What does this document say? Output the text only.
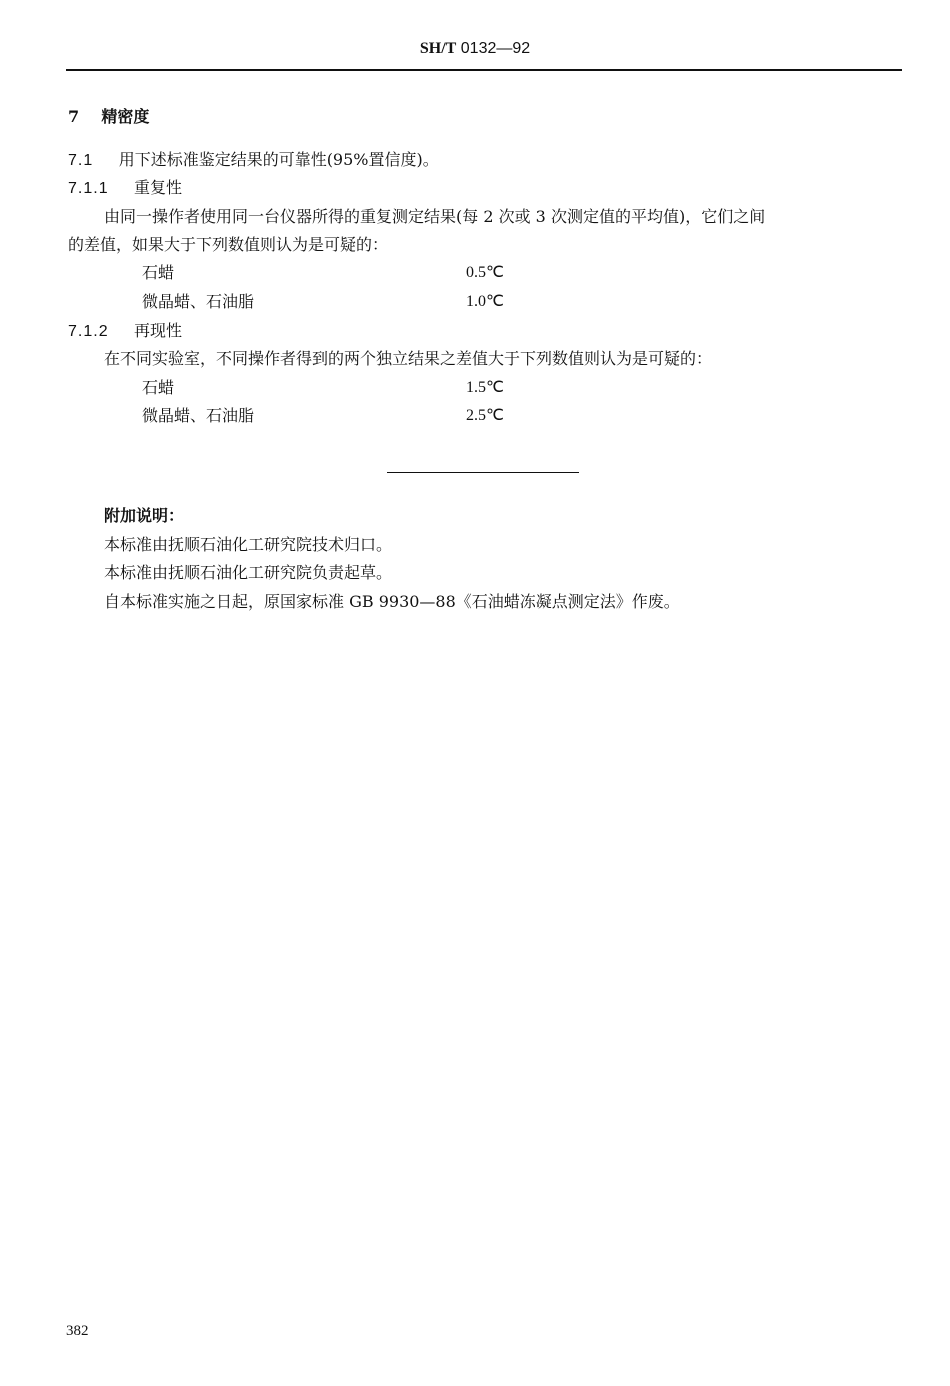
SH/T 0132—92
7 精密度
7.1 用下述标准鉴定结果的可靠性(95%置信度)。
7.1.1 重复性
由同一操作者使用同一台仪器所得的重复测定结果(每 2 次或 3 次测定值的平均值)，它们之间
的差值，如果大于下列数值则认为是可疑的：
石蜡	0.5℃
微晶蜡、石油脂	1.0℃
7.1.2 再现性
在不同实验室，不同操作者得到的两个独立结果之差值大于下列数值则认为是可疑的：
石蜡	1.5℃
微晶蜡、石油脂	2.5℃
附加说明：
本标准由抚顺石油化工研究院技术归口。
本标准由抚顺石油化工研究院负责起草。
自本标准实施之日起，原国家标准 GB 9930—88《石油蜡冻凝点测定法》作废。
382
